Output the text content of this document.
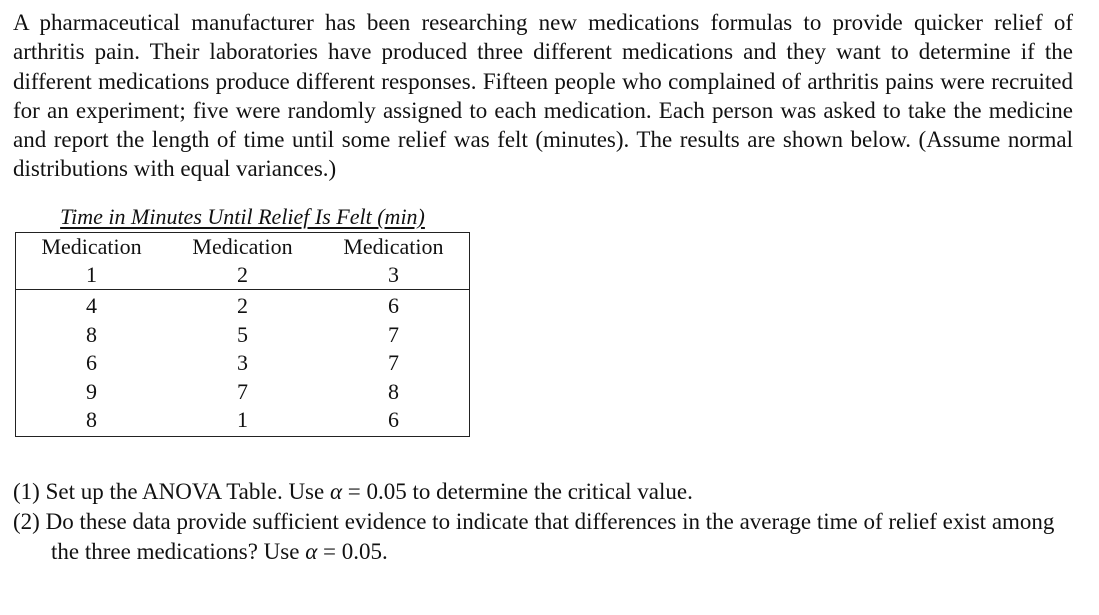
A pharmaceutical manufacturer has been researching new medications formulas to provide quicker relief of arthritis pain. Their laboratories have produced three different medications and they want to determine if the different medications produce different responses. Fifteen people who complained of arthritis pains were recruited for an experiment; five were randomly assigned to each medication. Each person was asked to take the medicine and report the length of time until some relief was felt (minutes). The results are shown below. (Assume normal distributions with equal variances.)

Time in Minutes Until Relief Is Felt (min)
Medication	Medication	Medication
1	2	3
4	2	6
8	5	7
6	3	7
9	7	8
8	1	6
(1) Set up the ANOVA Table. Use α = 0.05 to determine the critical value.
(2) Do these data provide sufficient evidence to indicate that differences in the average time of relief exist among the three medications? Use α = 0.05.
